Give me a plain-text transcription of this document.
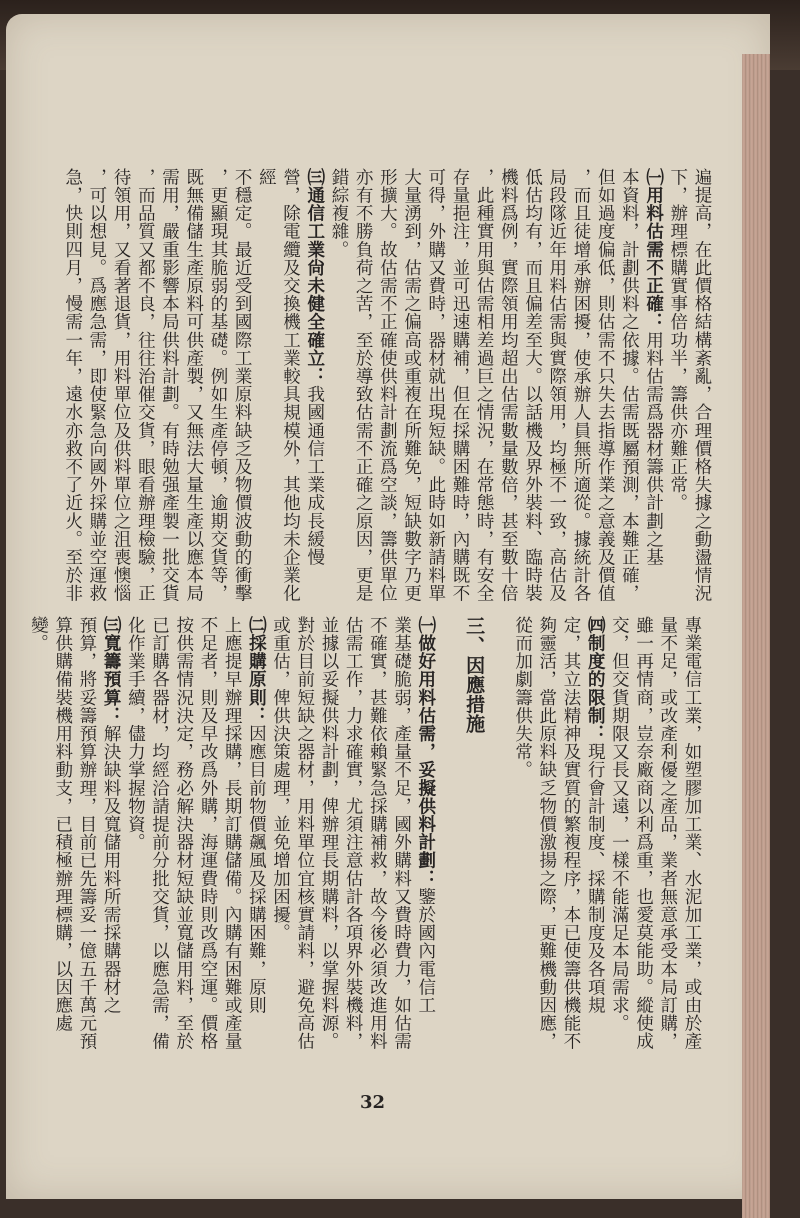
遍提高，在此價格結構紊亂，合理價格失據之動盪情況

下，辦理標購實事倍功半，籌供亦難正常。

㈠用料估需不正確：用料估需爲器材籌供計劃之基

本資料，計劃供料之依據。估需既屬預測，本難正確，

但如過度偏低，則估需不只失去指導作業之意義及價值

，而且徒增承辦困擾，使承辦人員無所適從。據統計各

局段隊近年用料估需與實際領用，均極不一致，高估及

低估均有，而且偏差至大。以話機及界外裝料、臨時裝

機料爲例，實際領用均超出估需數量數倍，甚至數十倍

，此種實用與估需相差過巨之情況，在常態時，有安全

存量挹注，並可迅速購補，但在採購困難時，內購既不

可得，外購又費時，器材就出現短缺。此時如新請料單

大量湧到，估需之偏高或重複在所難免，短缺數字乃更

形擴大。故估需不正確使供料計劃流爲空談，籌供單位

亦有不勝負荷之苦，至於導致估需不正確之原因，更是

錯綜複雜。

㈢通信工業尙未健全確立：我國通信工業成長緩慢

營，除電纜及交換機工業較具規模外，其他均未企業化經

不穩定。最近受到國際工業原料缺乏及物價波動的衝擊

，更顯現其脆弱的基礎。例如生產停頓，逾期交貨等，

既無備儲生產原料可供產製，又無法大量生產以應本局

需用，嚴重影響本局供料計劃。有時勉强產製一批交貨

，而品質又都不良，往往治催交貨，眼看辦理檢驗，正

待領用，又看著退貨，用料單位及供料單位之沮喪懊惱

，可以想見。爲應急需，即使緊急向國外採購並空運救

急，快則四月，慢需一年，遠水亦救不了近火。至於非

專業電信工業，如塑膠加工業、水泥加工業，或由於產

量不足，或改產利優之產品，業者無意承受本局訂購，

雖一再情商，豈奈廠商以利爲重，也愛莫能助。縱使成

交，但交貨期限又長又遠，一樣不能滿足本局需求。

㈣制度的限制：現行會計制度、採購制度及各項規

定，其立法精神及實質的繁複程序，本已使籌供機能不

夠靈活，當此原料缺乏物價激揚之際，更難機動因應，

從而加劇籌供失常。

三、因應措施

㈠做好用料估需，妥擬供料計劃：鑒於國內電信工

業基礎脆弱，產量不足，國外購料又費時費力，如估需

不確實，甚難依賴緊急採購補救，故今後必須改進用料

估需工作，力求確實，尤須注意估計各項界外裝機料，

並據以妥擬供料計劃，俾辦理長期購料，以掌握料源。

對於目前短缺之器材，用料單位宜核實請料，避免高估

或重估，俾供決策處理，並免增加困擾。

㈡採購原則：因應目前物價飆風及採購困難，原則

上應提早辦理採購，長期訂購儲備。內購有困難或產量

不足者，則及早改爲外購，海運費時則改爲空運。價格

按供需情況決定，務必解決器材短缺並寬儲用料，至於

已訂購各器材，均經洽請提前分批交貨，以應急需，備

化作業手續，儘力掌握物資。

㈢寬籌預算：解決缺料及寬儲用料所需採購器材之

預算，將妥籌預算辦理，目前已先籌妥一億五千萬元預

算供購備裝機用料動支，已積極辦理標購，以因應處

變。

32
